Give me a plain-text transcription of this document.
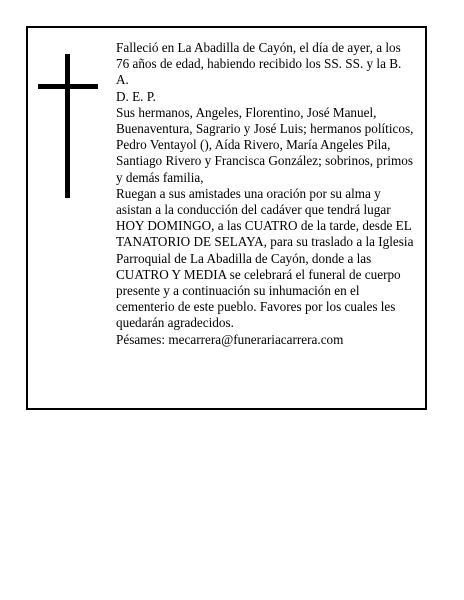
Falleció en La Abadilla de Cayón, el día de ayer, a los 76 años de edad, habiendo recibido los SS. SS. y la B. A.

D. E. P.

Sus hermanos, Angeles, Florentino, José Manuel, Buenaventura, Sagrario y José Luis; hermanos políticos, Pedro Ventayol (), Aída Rivero, María Angeles Pila, Santiago Rivero y Francisca González; sobrinos, primos y demás familia,

Ruegan a sus amistades una oración por su alma y asistan a la conducción del cadáver que tendrá lugar HOY DOMINGO, a las CUATRO de la tarde, desde EL TANATORIO DE SELAYA, para su traslado a la Iglesia Parroquial de La Abadilla de Cayón, donde a las CUATRO Y MEDIA se celebrará el funeral de cuerpo presente y a continuación su inhumación en el cementerio de este pueblo. Favores por los cuales les quedarán agradecidos.

Pésames: mecarrera@funerariacarrera.com
